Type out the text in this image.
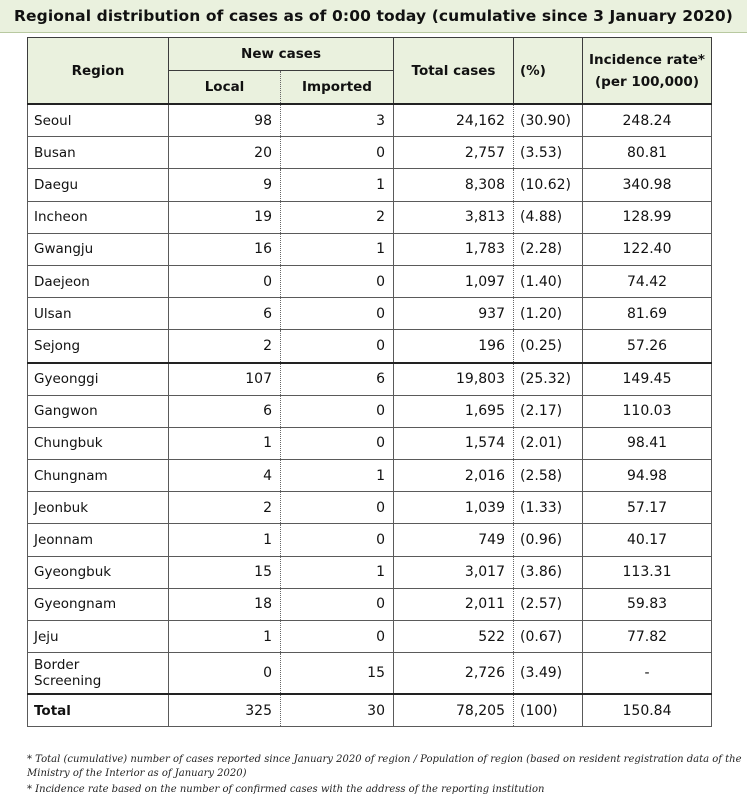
Regional distribution of cases as of 0:00 today (cumulative since 3 January 2020)
Region	New cases		Total cases	(%)	Incidence rate*
(per 100,000)

	Local	Imported			
Seoul	98	3	24,162	(30.90)	248.24
Busan	20	0	2,757	(3.53)	80.81
Daegu	9	1	8,308	(10.62)	340.98
Incheon	19	2	3,813	(4.88)	128.99
Gwangju	16	1	1,783	(2.28)	122.40
Daejeon	0	0	1,097	(1.40)	74.42
Ulsan	6	0	937	(1.20)	81.69
Sejong	2	0	196	(0.25)	57.26
Gyeonggi	107	6	19,803	(25.32)	149.45
Gangwon	6	0	1,695	(2.17)	110.03
Chungbuk	1	0	1,574	(2.01)	98.41
Chungnam	4	1	2,016	(2.58)	94.98
Jeonbuk	2	0	1,039	(1.33)	57.17
Jeonnam	1	0	749	(0.96)	40.17
Gyeongbuk	15	1	3,017	(3.86)	113.31
Gyeongnam	18	0	2,011	(2.57)	59.83
Jeju	1	0	522	(0.67)	77.82

Border
Screening	0	15	2,726	(3.49)	-
Total	325	30	78,205	(100)	150.84

* Total (cumulative) number of cases reported since January 2020 of region / Population of region (based on resident registration data of the Ministry of the Interior as of January 2020)

* Incidence rate based on the number of confirmed cases with the address of the reporting institution
